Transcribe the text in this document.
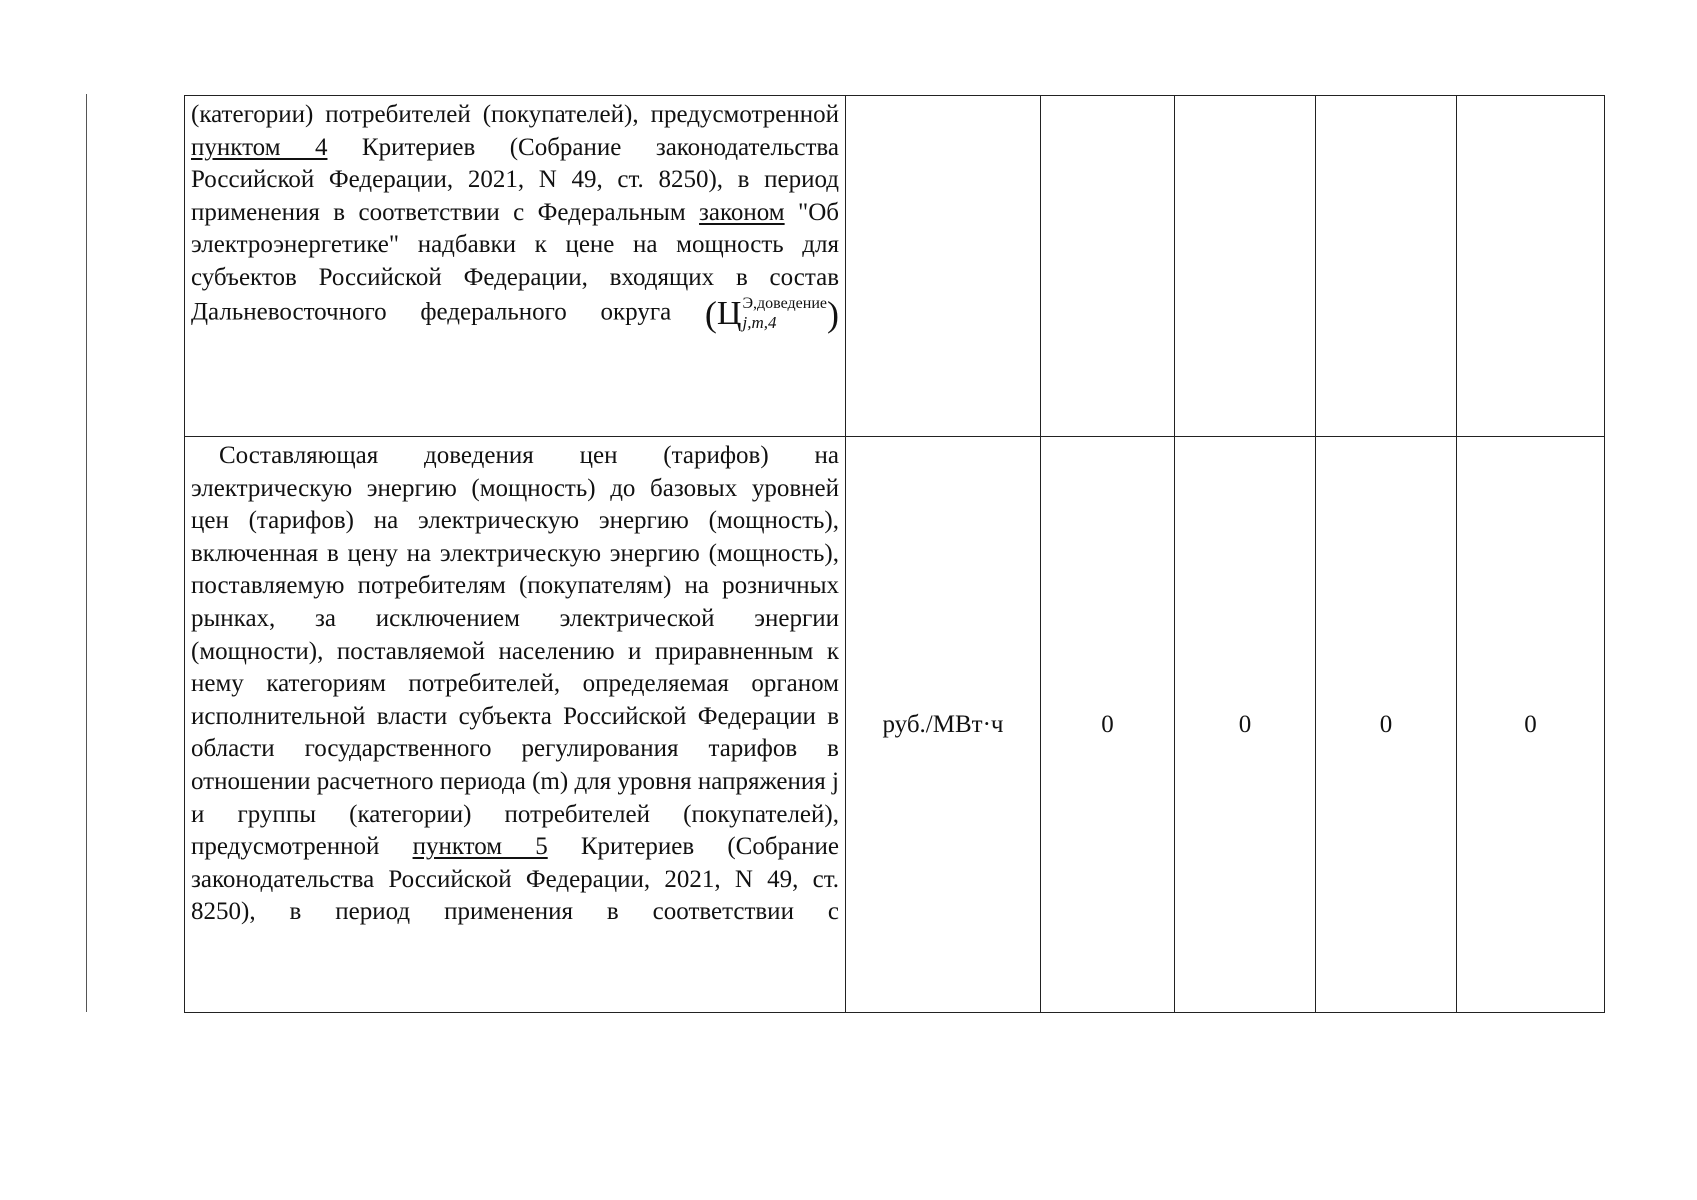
(категории) потребителей (покупателей), предусмотренной пунктом 4 Критериев (Собрание законодательства Российской Федерации, 2021, N 49, ст. 8250), в период применения в соответствии с Федеральным законом "Об электроэнергетике" надбавки к цене на мощность для субъектов Российской Федерации, входящих в состав Дальневосточного федерального округа (Ц Э,доведение
j,m,4 )					

Составляющая доведения цен (тарифов) на электрическую энергию (мощность) до базовых уровней цен (тарифов) на электрическую энергию (мощность), включенная в цену на электрическую энергию (мощность), поставляемую потребителям (покупателям) на розничных рынках, за исключением электрической энергии (мощности), поставляемой населению и приравненным к нему категориям потребителей, определяемая органом исполнительной власти субъекта Российской Федерации в области государственного регулирования тарифов в отношении расчетного периода (m) для уровня напряжения j и группы (категории) потребителей (покупателей), предусмотренной пунктом 5 Критериев (Собрание законодательства Российской Федерации, 2021, N 49, ст. 8250), в период применения в соответствии с	руб./МВт·ч	0	0	0	0
